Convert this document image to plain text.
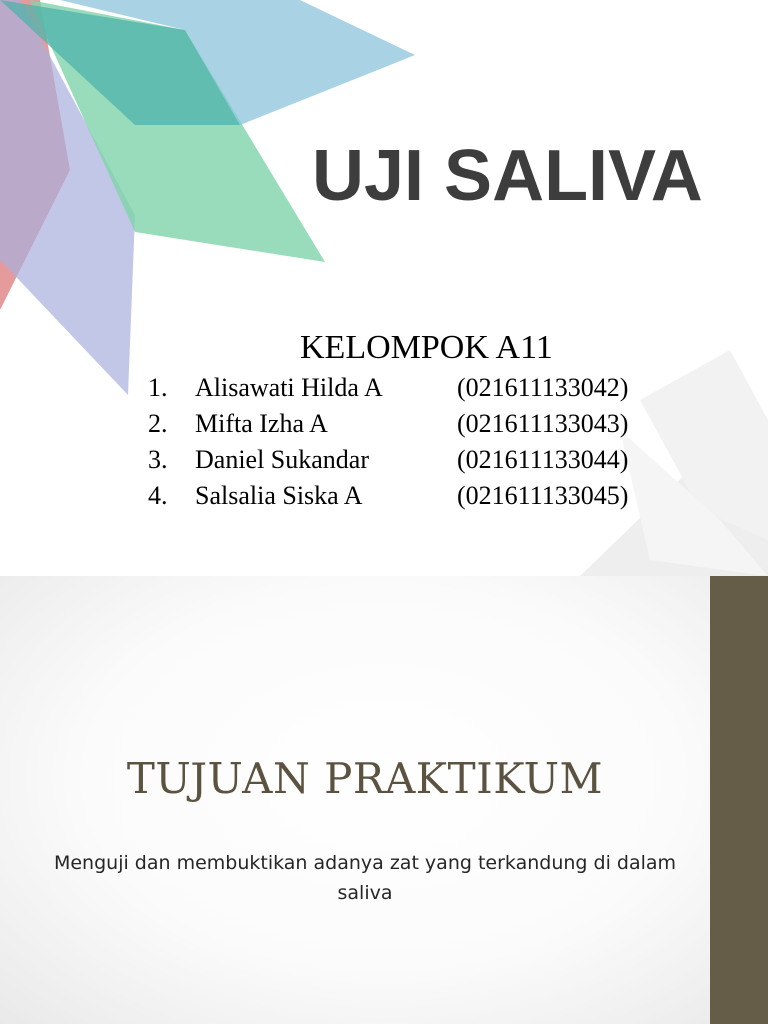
UJI SALIVA
KELOMPOK A11
1. Alisawati Hilda A	(021611133042)
2. Mifta Izha A	(021611133043)
3. Daniel Sukandar	(021611133044)
4. Salsalia Siska A	(021611133045)
TUJUAN PRAKTIKUM
Menguji dan membuktikan adanya zat yang terkandung di dalam saliva
